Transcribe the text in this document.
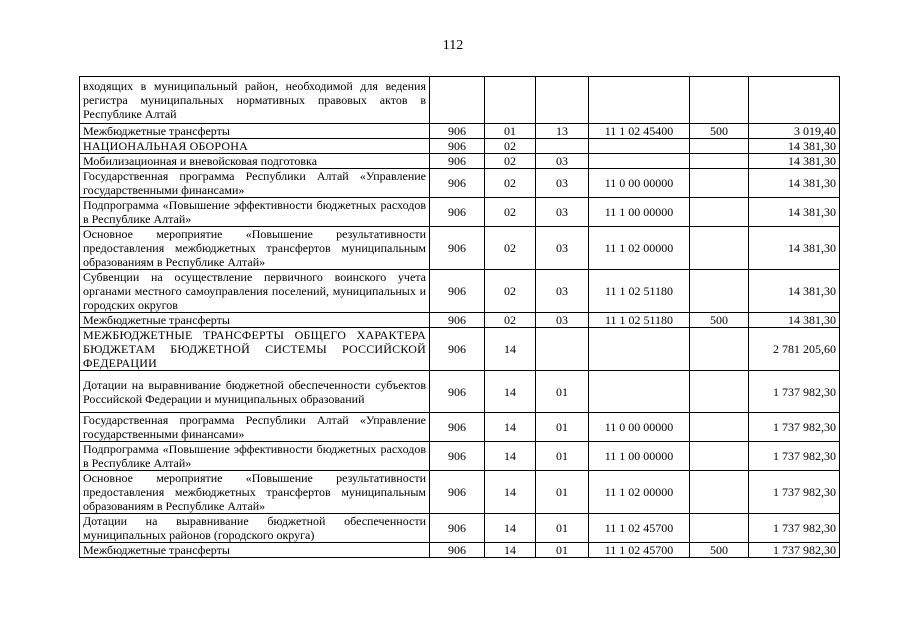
112
входящих в муниципальный район, необходимой для ведения регистра муниципальных нормативных правовых актов в Республике Алтай						
Межбюджетные трансферты	906	01	13	11 1 02 45400	500	3 019,40
НАЦИОНАЛЬНАЯ ОБОРОНА	906	02				14 381,30
Мобилизационная и вневойсковая подготовка	906	02	03			14 381,30
Государственная программа Республики Алтай «Управление государственными финансами»	906	02	03	11 0 00 00000		14 381,30
Подпрограмма «Повышение эффективности бюджетных расходов в Республике Алтай»	906	02	03	11 1 00 00000		14 381,30
Основное мероприятие «Повышение результативности предоставления межбюджетных трансфертов муниципальным образованиям в Республике Алтай»	906	02	03	11 1 02 00000		14 381,30
Субвенции на осуществление первичного воинского учета органами местного самоуправления поселений, муниципальных и городских округов	906	02	03	11 1 02 51180		14 381,30
Межбюджетные трансферты	906	02	03	11 1 02 51180	500	14 381,30
МЕЖБЮДЖЕТНЫЕ ТРАНСФЕРТЫ ОБЩЕГО ХАРАКТЕРА БЮДЖЕТАМ БЮДЖЕТНОЙ СИСТЕМЫ РОССИЙСКОЙ ФЕДЕРАЦИИ	906	14				2 781 205,60
Дотации на выравнивание бюджетной обеспеченности субъектов Российской Федерации и муниципальных образований	906	14	01			1 737 982,30
Государственная программа Республики Алтай «Управление государственными финансами»	906	14	01	11 0 00 00000		1 737 982,30
Подпрограмма «Повышение эффективности бюджетных расходов в Республике Алтай»	906	14	01	11 1 00 00000		1 737 982,30
Основное мероприятие «Повышение результативности предоставления межбюджетных трансфертов муниципальным образованиям в Республике Алтай»	906	14	01	11 1 02 00000		1 737 982,30
Дотации на выравнивание бюджетной обеспеченности муниципальных районов (городского округа)	906	14	01	11 1 02 45700		1 737 982,30
Межбюджетные трансферты	906	14	01	11 1 02 45700	500	1 737 982,30
